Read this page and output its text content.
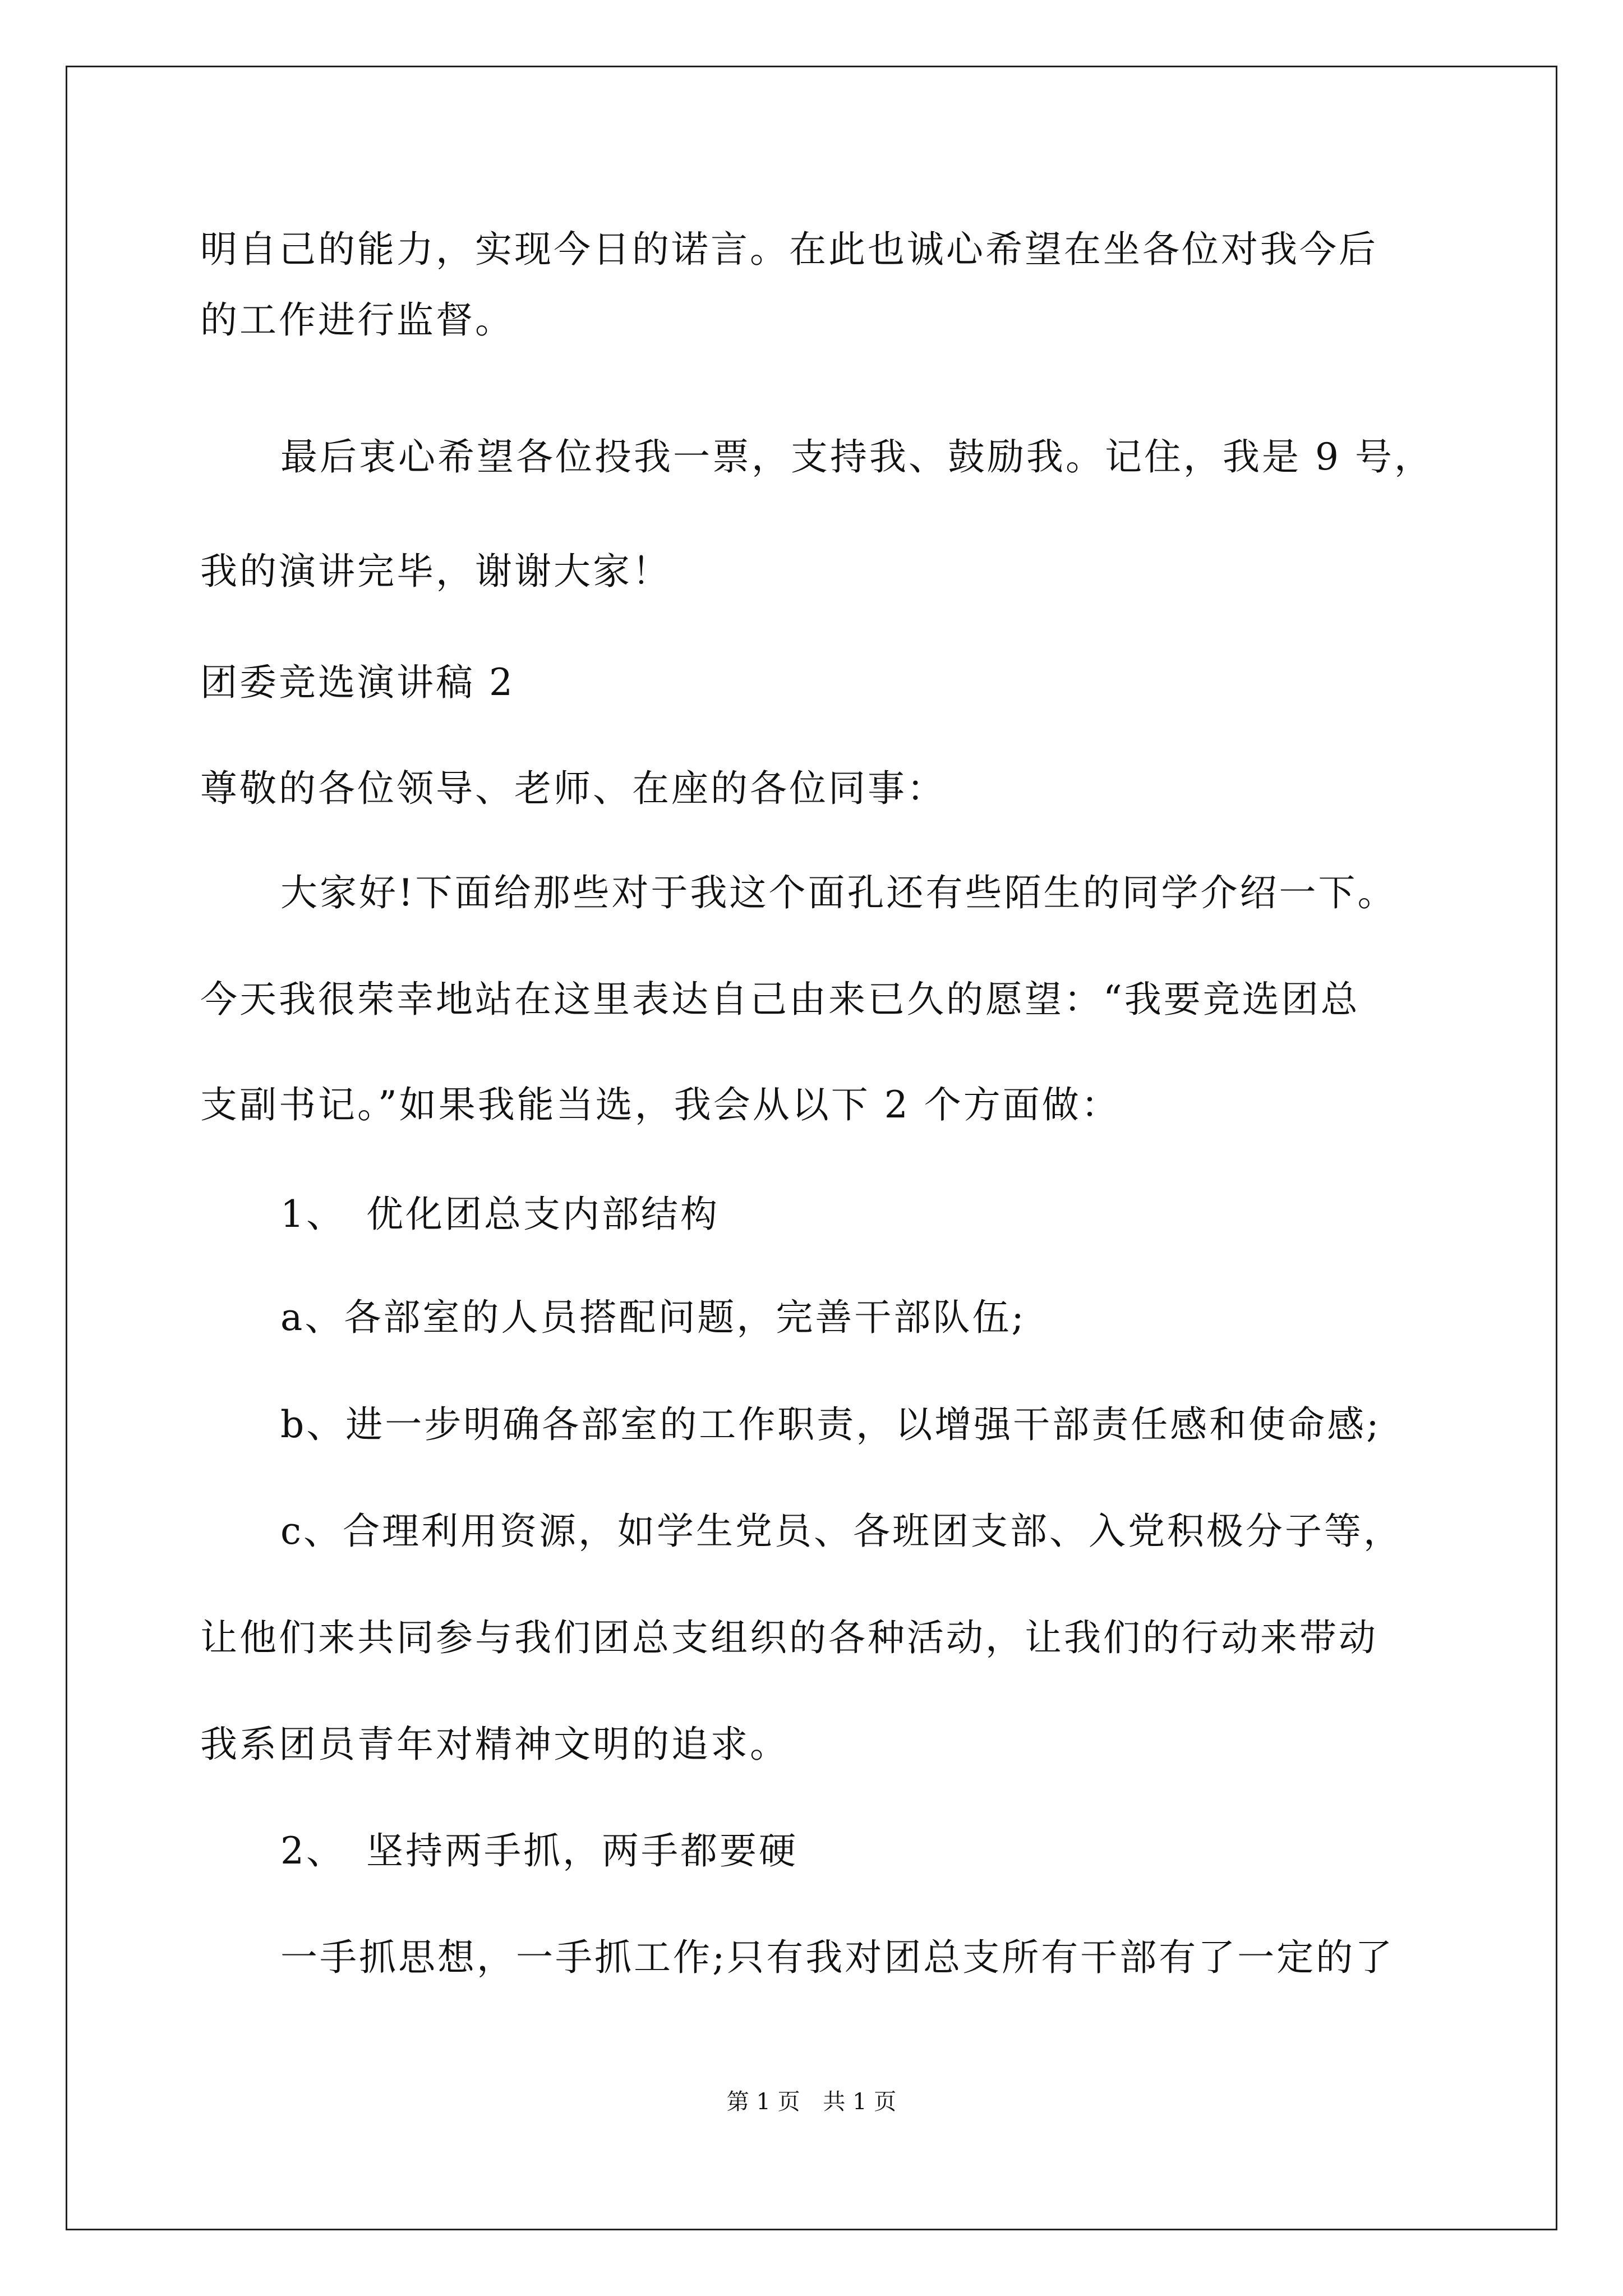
明自己的能力，实现今日的诺言。在此也诚心希望在坐各位对我今后
的工作进行监督。
最后衷心希望各位投我一票，支持我、鼓励我。记住，我是 9 号，
我的演讲完毕，谢谢大家！
团委竞选演讲稿 2
尊敬的各位领导、老师、在座的各位同事：
大家好!下面给那些对于我这个面孔还有些陌生的同学介绍一下。
今天我很荣幸地站在这里表达自己由来已久的愿望：“我要竞选团总
支副书记。”如果我能当选，我会从以下 2 个方面做：
1、　优化团总支内部结构
a、各部室的人员搭配问题，完善干部队伍;
b、进一步明确各部室的工作职责，以增强干部责任感和使命感;
c、合理利用资源，如学生党员、各班团支部、入党积极分子等，
让他们来共同参与我们团总支组织的各种活动，让我们的行动来带动
我系团员青年对精神文明的追求。
2、　坚持两手抓，两手都要硬
一手抓思想，一手抓工作;只有我对团总支所有干部有了一定的了
第 1 页 共 1 页
